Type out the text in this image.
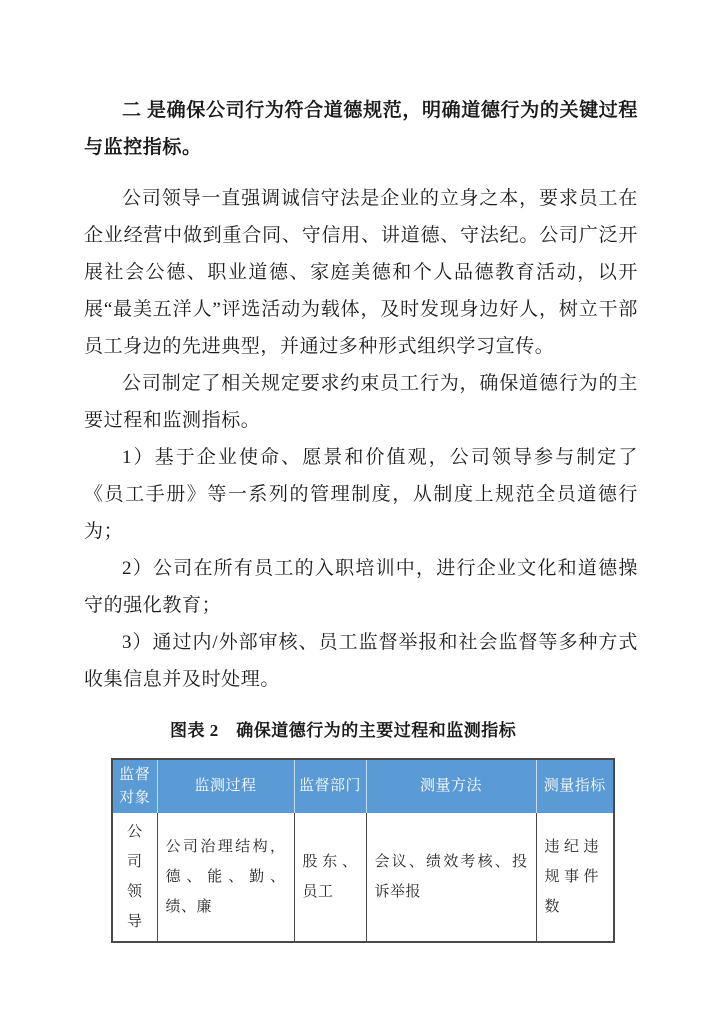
二 是确保公司行为符合道德规范，明确道德行为的关键过程与监控指标。

公司领导一直强调诚信守法是企业的立身之本，要求员工在企业经营中做到重合同、守信用、讲道德、守法纪。公司广泛开展社会公德、职业道德、家庭美德和个人品德教育活动，以开展“最美五洋人”评选活动为载体，及时发现身边好人，树立干部员工身边的先进典型，并通过多种形式组织学习宣传。

公司制定了相关规定要求约束员工行为，确保道德行为的主要过程和监测指标。

1）基于企业使命、愿景和价值观，公司领导参与制定了《员工手册》等一系列的管理制度，从制度上规范全员道德行为；

2）公司在所有员工的入职培训中，进行企业文化和道德操守的强化教育；

3）通过内/外部审核、员工监督举报和社会监督等多种方式收集信息并及时处理。

图表 2　确保道德行为的主要过程和监测指标

监督对象	监测过程	监督部门	测量方法	测量指标
公司领导	公司治理结构，德、能、勤、绩、廉	股东、员工	会议、绩效考核、投诉举报	违纪违规事件数
